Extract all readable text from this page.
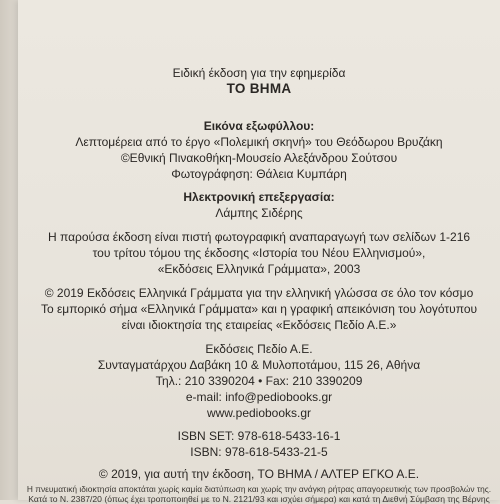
Ειδική έκδοση για την εφημερίδα
ΤΟ ΒΗΜΑ
Εικόνα εξωφύλλου:
Λεπτομέρεια από το έργο «Πολεμική σκηνή» του Θεόδωρου Βρυζάκη
©Εθνική Πινακοθήκη-Μουσείο Αλεξάνδρου Σούτσου
Φωτογράφηση: Θάλεια Κυμπάρη
Ηλεκτρονική επεξεργασία:
Λάμπης Σιδέρης
Η παρούσα έκδοση είναι πιστή φωτογραφική αναπαραγωγή των σελίδων 1-216
του τρίτου τόμου της έκδοσης «Ιστορία του Νέου Ελληνισμού»,
«Εκδόσεις Ελληνικά Γράμματα», 2003
© 2019 Εκδόσεις Ελληνικά Γράμματα για την ελληνική γλώσσα σε όλο τον κόσμο
Το εμπορικό σήμα «Ελληνικά Γράμματα» και η γραφική απεικόνιση του λογότυπου
είναι ιδιοκτησία της εταιρείας «Εκδόσεις Πεδίο Α.Ε.»
Εκδόσεις Πεδίο Α.Ε.
Συνταγματάρχου Δαβάκη 10 & Μυλοποτάμου, 115 26, Αθήνα
Τηλ.: 210 3390204 • Fax: 210 3390209
e-mail: info@pediobooks.gr
www.pediobooks.gr
ISBN SET: 978-618-5433-16-1
ISBN: 978-618-5433-21-5
© 2019, για αυτή την έκδοση, ΤΟ ΒΗΜΑ / ΑΛΤΕΡ ΕΓΚΟ Α.Ε.
Η πνευματική ιδιοκτησία αποκτάται χωρίς καμία διατύπωση και χωρίς την ανάγκη ρήτρας απαγορευτικής των προσβολών της.
Κατά το Ν. 2387/20 (όπως έχει τροποποιηθεί με το Ν. 2121/93 και ισχύει σήμερα) και κατά τη Διεθνή Σύμβαση της Βέρνης
